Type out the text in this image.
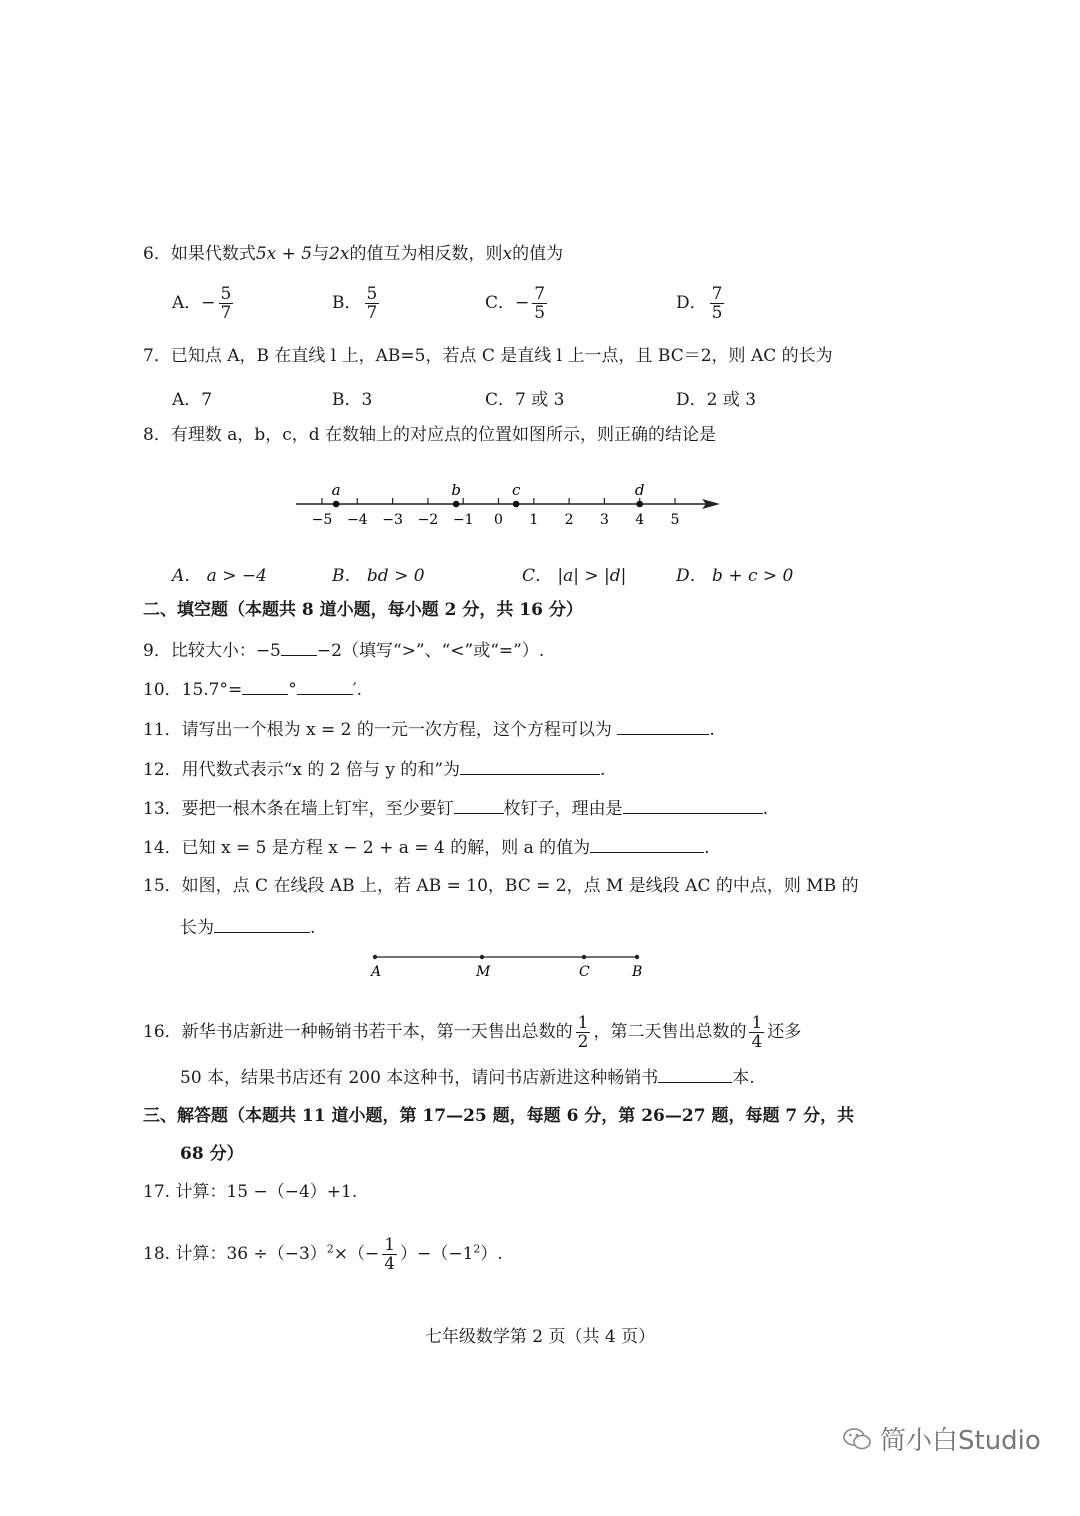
6．如果代数式5x + 5与2x的值互为相反数，则x的值为
A．− $\frac{5}{7}$	B． $\frac{5}{7}$	C．− $\frac{7}{5}$	D． $\frac{7}{5}$
7．已知点 A，B 在直线 l 上，AB=5，若点 C 是直线 l 上一点，且 BC＝2，则 AC 的长为
A．7	B．3	C．7 或 3	D．2 或 3
8．有理数 a，b，c，d 在数轴上的对应点的位置如图所示，则正确的结论是
−5 −4 −3 −2 −1 0 1 2 3 4 5
a	b	c	d
A． a > −4	B． bd > 0	C． |a| > |d|	D． b + c > 0
二、填空题（本题共 8 道小题，每小题 2 分，共 16 分）
9．比较大小：−5 −2（填写“>”、“<”或“=”）.
10．15.7°=	°	′.
11．请写出一个根为 x = 2 的一元一次方程，这个方程可以为	.
12．用代数式表示“x 的 2 倍与 y 的和”为	.
13．要把一根木条在墙上钉牢，至少要钉	枚钉子，理由是	.
14．已知 x = 5 是方程 x − 2 + a = 4 的解，则 a 的值为	.
15．如图，点 C 在线段 AB 上，若 AB = 10，BC = 2，点 M 是线段 AC 的中点，则 MB 的
长为	.
A	M	C	B
16．新华书店新进一种畅销书若干本，第一天售出总数的 $\frac{1}{2}$ ，第二天售出总数的 $\frac{1}{4}$ 还多
50 本，结果书店还有 200 本这种书，请问书店新进这种畅销书	本.
三、解答题（本题共 11 道小题，第 17—25 题，每题 6 分，第 26—27 题，每题 7 分，共
68 分）
17. 计算：15 −（−4）+1.
18. 计算：$36 \div(-3)^2\times(- \frac{1}{4} )-(-1^2)$.
七年级数学第 2 页（共 4 页）
简小白Studio
